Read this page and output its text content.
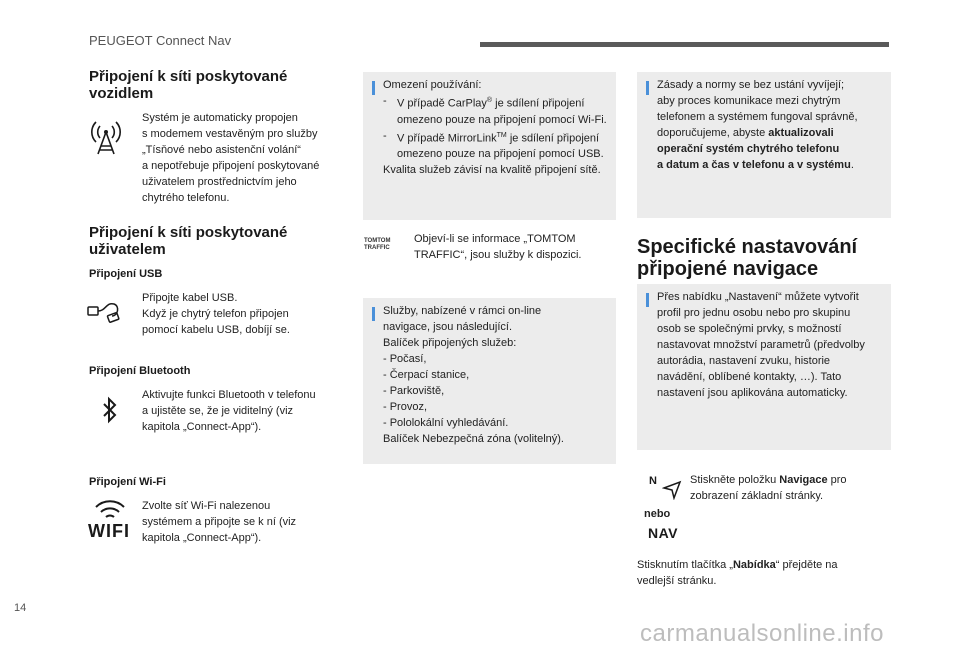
PEUGEOT Connect Nav
Připojení k síti poskytované vozidlem
Systém je automaticky propojen
s modemem vestavěným pro služby
„Tísňové nebo asistenční volání“
a nepotřebuje připojení poskytované
uživatelem prostřednictvím jeho
chytrého telefonu.
Připojení k síti poskytované uživatelem
Připojení USB
Připojte kabel USB.
Když je chytrý telefon připojen
pomocí kabelu USB, dobíjí se.
Připojení Bluetooth
Aktivujte funkci Bluetooth v telefonu
a ujistěte se, že je viditelný (viz
kapitola „Connect-App“).
Připojení Wi-Fi
WIFI
Zvolte síť Wi-Fi nalezenou
systémem a připojte se k ní (viz
kapitola „Connect-App“).

Omezení používání:

- V případě CarPlay® je sdílení připojení omezeno pouze na připojení pomocí Wi-Fi.
- V případě MirrorLink™ je sdílení připojení omezeno pouze na připojení pomocí USB.

Kvalita služeb závisí na kvalitě připojení sítě.

TOMTOM TRAFFIC
Objeví-li se informace „TOMTOM
TRAFFIC“, jsou služby k dispozici.
Služby, nabízené v rámci on-line
navigace, jsou následující.
Balíček připojených služeb:
- Počasí,
- Čerpací stanice,
- Parkoviště,
- Provoz,
- Pololokální vyhledávání.
Balíček Nebezpečná zóna (volitelný).
Zásady a normy se bez ustání vyvíjejí;
aby proces komunikace mezi chytrým
telefonem a systémem fungoval správně,
doporučujeme, abyste aktualizovali
operační systém chytrého telefonu
a datum a čas v telefonu a v systému.
Specifické nastavování připojené navigace
Přes nabídku „Nastavení“ můžete vytvořit
profil pro jednu osobu nebo pro skupinu
osob se společnými prvky, s možností
nastavovat množství parametrů (předvolby
autorádia, nastavení zvuku, historie
navádění, oblíbené kontakty, …). Tato
nastavení jsou aplikována automaticky.
N
nebo
NAV
Stiskněte položku Navigace pro
zobrazení základní stránky.
Stisknutím tlačítka „Nabídka“ přejděte na
vedlejší stránku.
14
carmanualsonline.info
